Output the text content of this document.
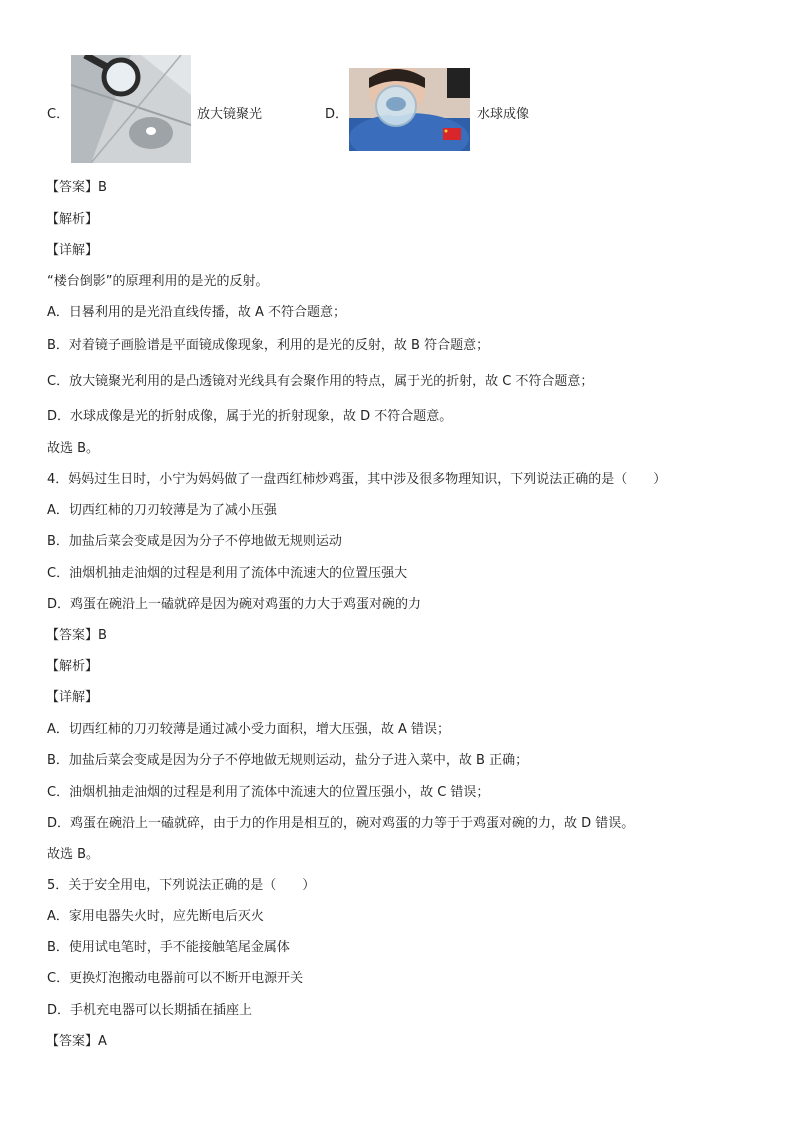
C．	放大镜聚光	D．	水球成像
【答案】B
【解析】
【详解】
“楼台倒影”的原理利用的是光的反射。
A．日晷利用的是光沿直线传播，故 A 不符合题意；
B．对着镜子画脸谱是平面镜成像现象，利用的是光的反射，故 B 符合题意；
C．放大镜聚光利用的是凸透镜对光线具有会聚作用的特点，属于光的折射，故 C 不符合题意；
D．水球成像是光的折射成像，属于光的折射现象，故 D 不符合题意。
故选 B。
4．妈妈过生日时，小宁为妈妈做了一盘西红柿炒鸡蛋，其中涉及很多物理知识，下列说法正确的是（　　）
A．切西红柿的刀刃较薄是为了减小压强
B．加盐后菜会变咸是因为分子不停地做无规则运动
C．油烟机抽走油烟的过程是利用了流体中流速大的位置压强大
D．鸡蛋在碗沿上一磕就碎是因为碗对鸡蛋的力大于鸡蛋对碗的力
【答案】B
【解析】
【详解】
A．切西红柿的刀刃较薄是通过减小受力面积，增大压强，故 A 错误；
B．加盐后菜会变咸是因为分子不停地做无规则运动，盐分子进入菜中，故 B 正确；
C．油烟机抽走油烟的过程是利用了流体中流速大的位置压强小，故 C 错误；
D．鸡蛋在碗沿上一磕就碎，由于力的作用是相互的，碗对鸡蛋的力等于于鸡蛋对碗的力，故 D 错误。
故选 B。
5．关于安全用电，下列说法正确的是（　　）
A．家用电器失火时，应先断电后灭火
B．使用试电笔时，手不能接触笔尾金属体
C．更换灯泡搬动电器前可以不断开电源开关
D．手机充电器可以长期插在插座上
【答案】A
